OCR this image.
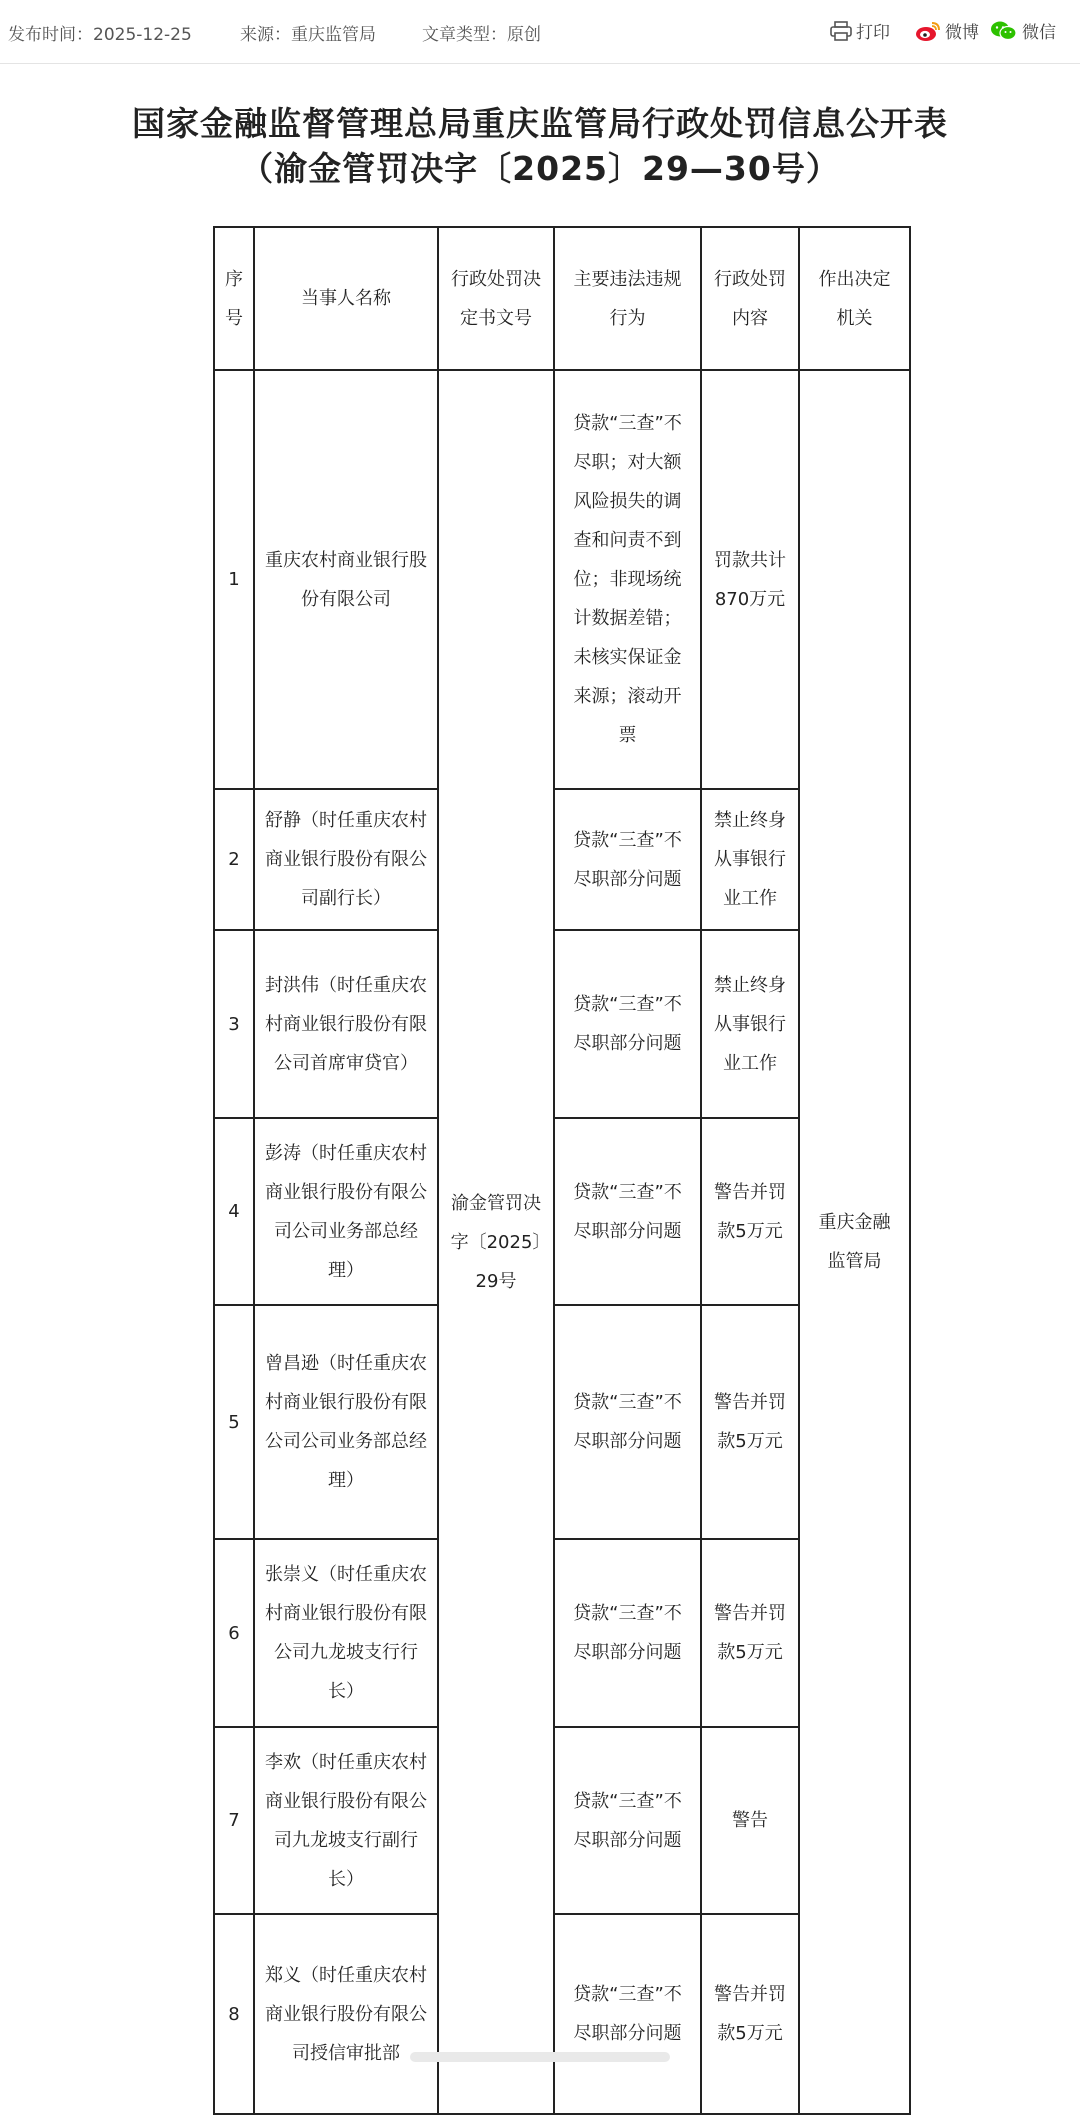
发布时间：2025-12-25	来源：重庆监管局	文章类型：原创	打印	微博	微信
国家金融监督管理总局重庆监管局行政处罚信息公开表
（渝金管罚决字〔2025〕29—30号）
序号	当事人名称	行政处罚决定书文号	主要违法违规行为	行政处罚内容	作出决定机关
1	重庆农村商业银行股份有限公司	渝金管罚决字〔2025〕29号	贷款“三查”不尽职；对大额风险损失的调查和问责不到位；非现场统计数据差错；未核实保证金来源；滚动开票	罚款共计870万元	重庆金融监管局
2	舒静（时任重庆农村商业银行股份有限公司副行长）		贷款“三查”不尽职部分问题	禁止终身从事银行业工作	
3	封洪伟（时任重庆农村商业银行股份有限公司首席审贷官）		贷款“三查”不尽职部分问题	禁止终身从事银行业工作	
4	彭涛（时任重庆农村商业银行股份有限公司公司业务部总经理）		贷款“三查”不尽职部分问题	警告并罚款5万元	
5	曾昌逊（时任重庆农村商业银行股份有限公司公司业务部总经理）		贷款“三查”不尽职部分问题	警告并罚款5万元	
6	张崇义（时任重庆农村商业银行股份有限公司九龙坡支行行长）		贷款“三查”不尽职部分问题	警告并罚款5万元	
7	李欢（时任重庆农村商业银行股份有限公司九龙坡支行副行长）		贷款“三查”不尽职部分问题	警告	
8	郑义（时任重庆农村商业银行股份有限公司授信审批部		贷款“三查”不尽职部分问题	警告并罚款5万元	
